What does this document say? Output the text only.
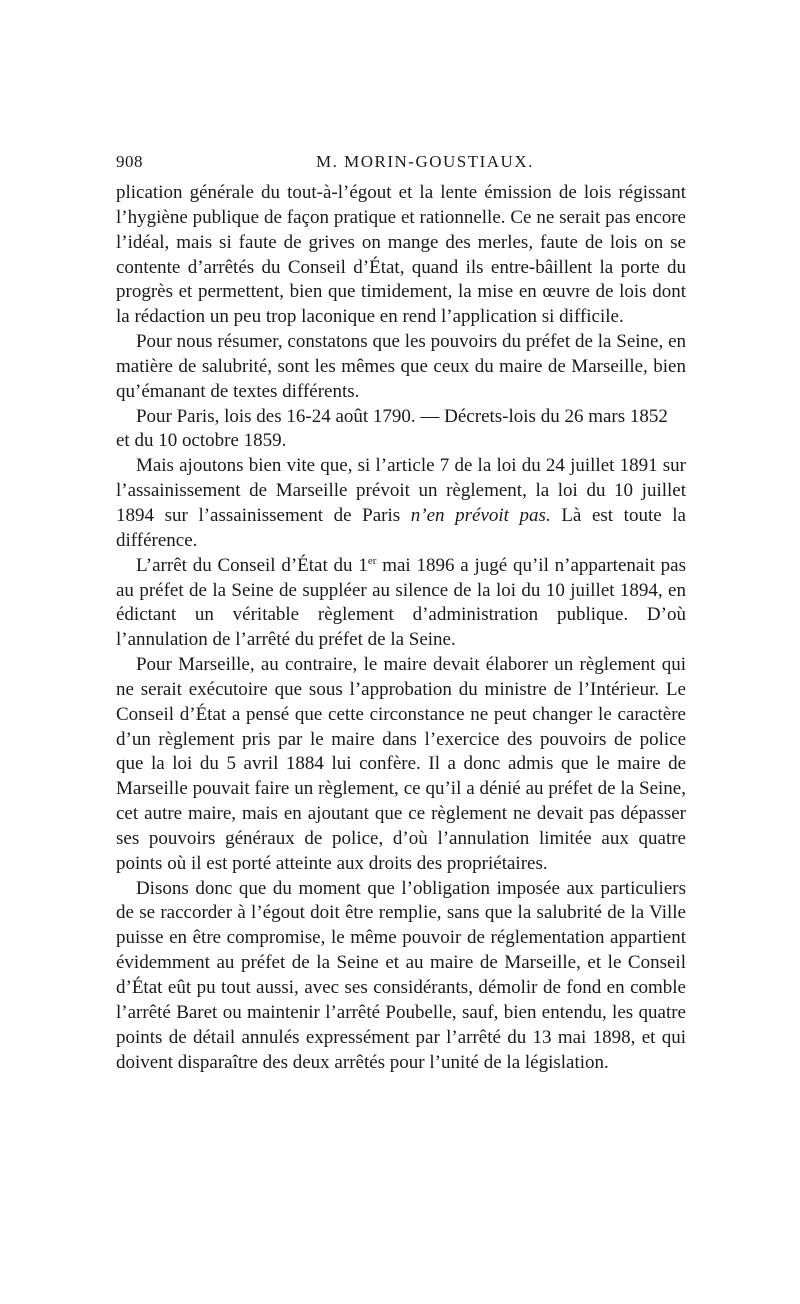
908	M. MORIN-GOUSTIAUX.

plication générale du tout-à-l’égout et la lente émission de lois régissant l’hygiène publique de façon pratique et rationnelle. Ce ne serait pas encore l’idéal, mais si faute de grives on mange des merles, faute de lois on se contente d’arrêtés du Conseil d’État, quand ils entre-bâillent la porte du progrès et permettent, bien que timidement, la mise en œuvre de lois dont la rédaction un peu trop laconique en rend l’application si difficile.

Pour nous résumer, constatons que les pouvoirs du préfet de la Seine, en matière de salubrité, sont les mêmes que ceux du maire de Marseille, bien qu’émanant de textes différents.

Pour Paris, lois des 16-24 août 1790. — Décrets-lois du 26 mars 1852 et du 10 octobre 1859.

Mais ajoutons bien vite que, si l’article 7 de la loi du 24 juillet 1891 sur l’assainissement de Marseille prévoit un règlement, la loi du 10 juillet 1894 sur l’assainissement de Paris n’en prévoit pas. Là est toute la différence.

L’arrêt du Conseil d’État du 1er mai 1896 a jugé qu’il n’appartenait pas au préfet de la Seine de suppléer au silence de la loi du 10 juillet 1894, en édictant un véritable règlement d’administration publique. D’où l’annulation de l’arrêté du préfet de la Seine.

Pour Marseille, au contraire, le maire devait élaborer un règlement qui ne serait exécutoire que sous l’approbation du ministre de l’Intérieur. Le Conseil d’État a pensé que cette circonstance ne peut changer le caractère d’un règlement pris par le maire dans l’exercice des pouvoirs de police que la loi du 5 avril 1884 lui confère. Il a donc admis que le maire de Marseille pouvait faire un règlement, ce qu’il a dénié au préfet de la Seine, cet autre maire, mais en ajoutant que ce règlement ne devait pas dépasser ses pouvoirs généraux de police, d’où l’annulation limitée aux quatre points où il est porté atteinte aux droits des propriétaires.

Disons donc que du moment que l’obligation imposée aux particuliers de se raccorder à l’égout doit être remplie, sans que la salubrité de la Ville puisse en être compromise, le même pouvoir de réglementation appartient évidemment au préfet de la Seine et au maire de Marseille, et le Conseil d’État eût pu tout aussi, avec ses considérants, démolir de fond en comble l’arrêté Baret ou maintenir l’arrêté Poubelle, sauf, bien entendu, les quatre points de détail annulés expressément par l’arrêté du 13 mai 1898, et qui doivent disparaître des deux arrêtés pour l’unité de la législation.
